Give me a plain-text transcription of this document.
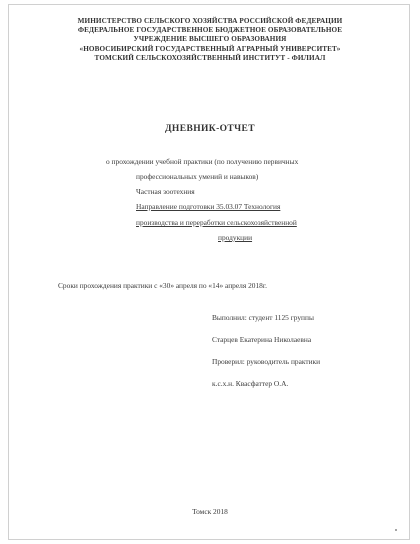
МИНИСТЕРСТВО СЕЛЬСКОГО ХОЗЯЙСТВА РОССИЙСКОЙ ФЕДЕРАЦИИ
ФЕДЕРАЛЬНОЕ ГОСУДАРСТВЕННОЕ БЮДЖЕТНОЕ ОБРАЗОВАТЕЛЬНОЕ
УЧРЕЖДЕНИЕ ВЫСШЕГО ОБРАЗОВАНИЯ
«НОВОСИБИРСКИЙ ГОСУДАРСТВЕННЫЙ АГРАРНЫЙ УНИВЕРСИТЕТ»
ТОМСКИЙ СЕЛЬСКОХОЗЯЙСТВЕННЫЙ ИНСТИТУТ - ФИЛИАЛ
ДНЕВНИК-ОТЧЕТ
о прохождении учебной практики (по получению первичных
профессиональных умений и навыков)
Частная зоотехния
Направление подготовки 35.03.07 Технология
производства и переработки сельскохозяйственной
продукции
Сроки прохождения практики с «30» апреля по «14» апреля 2018г.
Выполнил: студент 1125 группы
Старцев Екатерина Николаевна
Проверил: руководитель практики
к.с.х.н. Квасфаттер О.А.
Томск 2018
